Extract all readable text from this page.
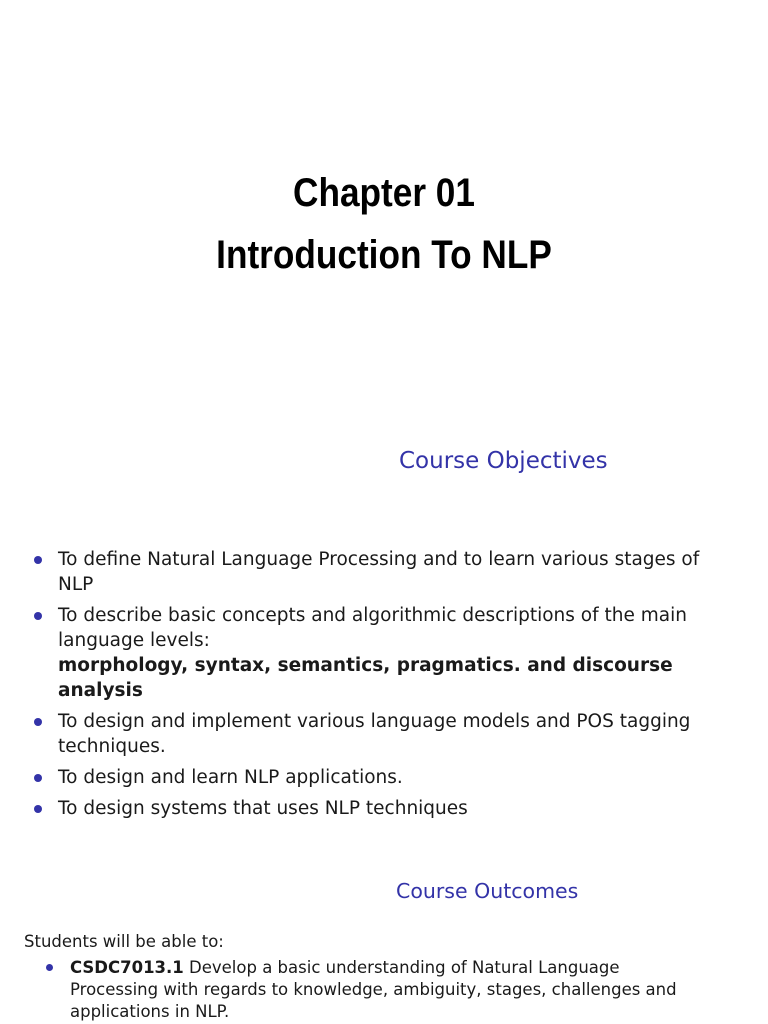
Chapter 01
Introduction To NLP
Course Objectives
To define Natural Language Processing and to learn various stages of NLP
To describe basic concepts and algorithmic descriptions of the main language levels:
morphology, syntax, semantics, pragmatics. and discourse analysis
To design and implement various language models and POS tagging techniques.
To design and learn NLP applications.
To design systems that uses NLP techniques
Course Outcomes
Students will be able to:
CSDC7013.1 Develop a basic understanding of Natural Language Processing with regards to knowledge, ambiguity, stages, challenges and applications in NLP.
